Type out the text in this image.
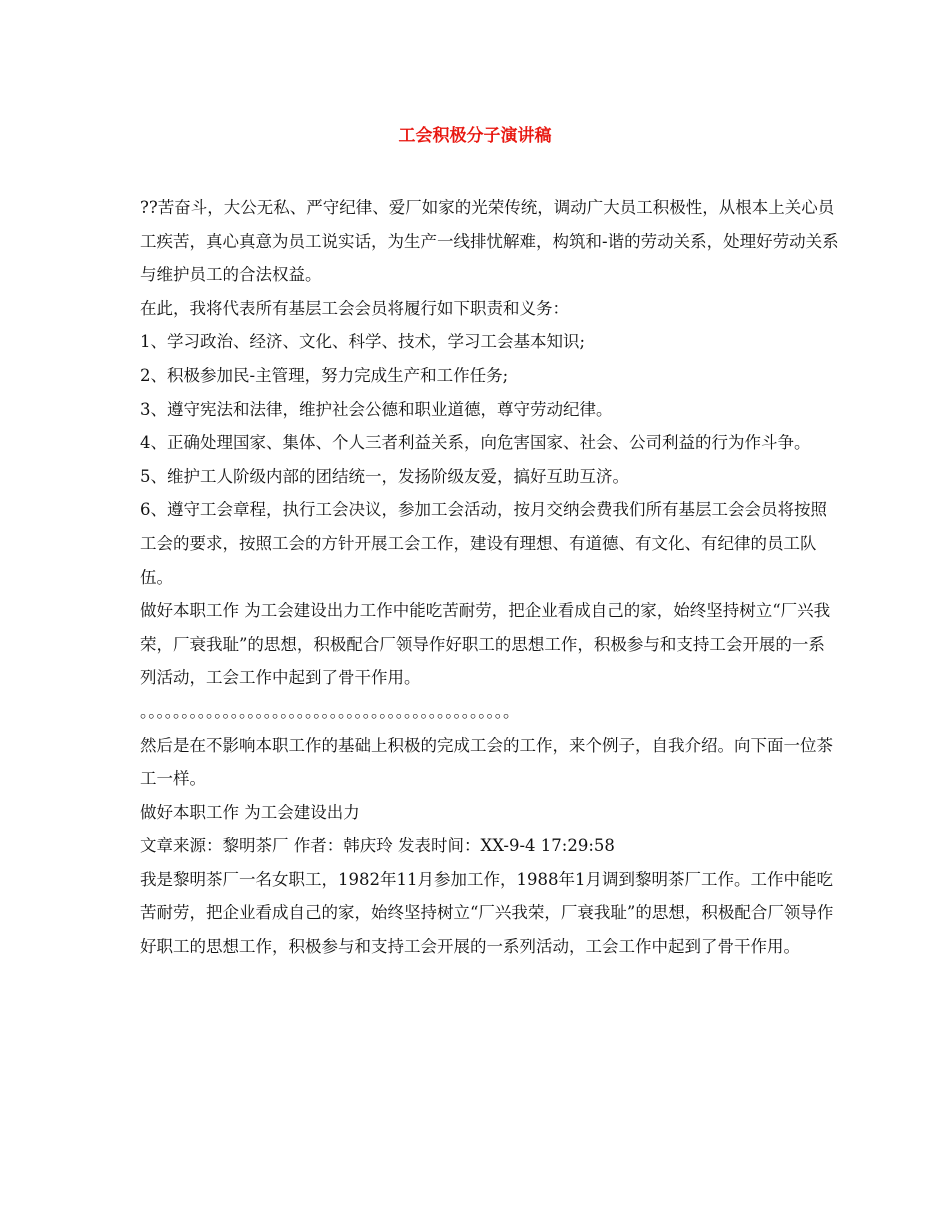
工会积极分子演讲稿

??苦奋斗，大公无私、严守纪律、爱厂如家的光荣传统，调动广大员工积极性，从根本上关心员工疾苦，真心真意为员工说实话，为生产一线排忧解难，构筑和-谐的劳动关系，处理好劳动关系与维护员工的合法权益。

在此，我将代表所有基层工会会员将履行如下职责和义务：

1、学习政治、经济、文化、科学、技术，学习工会基本知识;

2、积极参加民-主管理，努力完成生产和工作任务;

3、遵守宪法和法律，维护社会公德和职业道德，尊守劳动纪律。

4、正确处理国家、集体、个人三者利益关系，向危害国家、社会、公司利益的行为作斗争。

5、维护工人阶级内部的团结统一，发扬阶级友爱，搞好互助互济。

6、遵守工会章程，执行工会决议，参加工会活动，按月交纳会费我们所有基层工会会员将按照工会的要求，按照工会的方针开展工会工作，建设有理想、有道德、有文化、有纪律的员工队伍。

做好本职工作 为工会建设出力工作中能吃苦耐劳，把企业看成自己的家，始终坚持树立“厂兴我荣，厂衰我耻”的思想，积极配合厂领导作好职工的思想工作，积极参与和支持工会开展的一系列活动，工会工作中起到了骨干作用。

。。。。。。。。。。。。。。。。。。。。。。。。。。。。。。。。。。。。。。。。。。。。。

然后是在不影响本职工作的基础上积极的完成工会的工作，来个例子，自我介绍。向下面一位茶工一样。

做好本职工作 为工会建设出力

文章来源：黎明茶厂 作者：韩庆玲 发表时间：XX-9-4 17:29:58

我是黎明茶厂一名女职工，1982年11月参加工作，1988年1月调到黎明茶厂工作。工作中能吃苦耐劳，把企业看成自己的家，始终坚持树立“厂兴我荣，厂衰我耻”的思想，积极配合厂领导作好职工的思想工作，积极参与和支持工会开展的一系列活动，工会工作中起到了骨干作用。
